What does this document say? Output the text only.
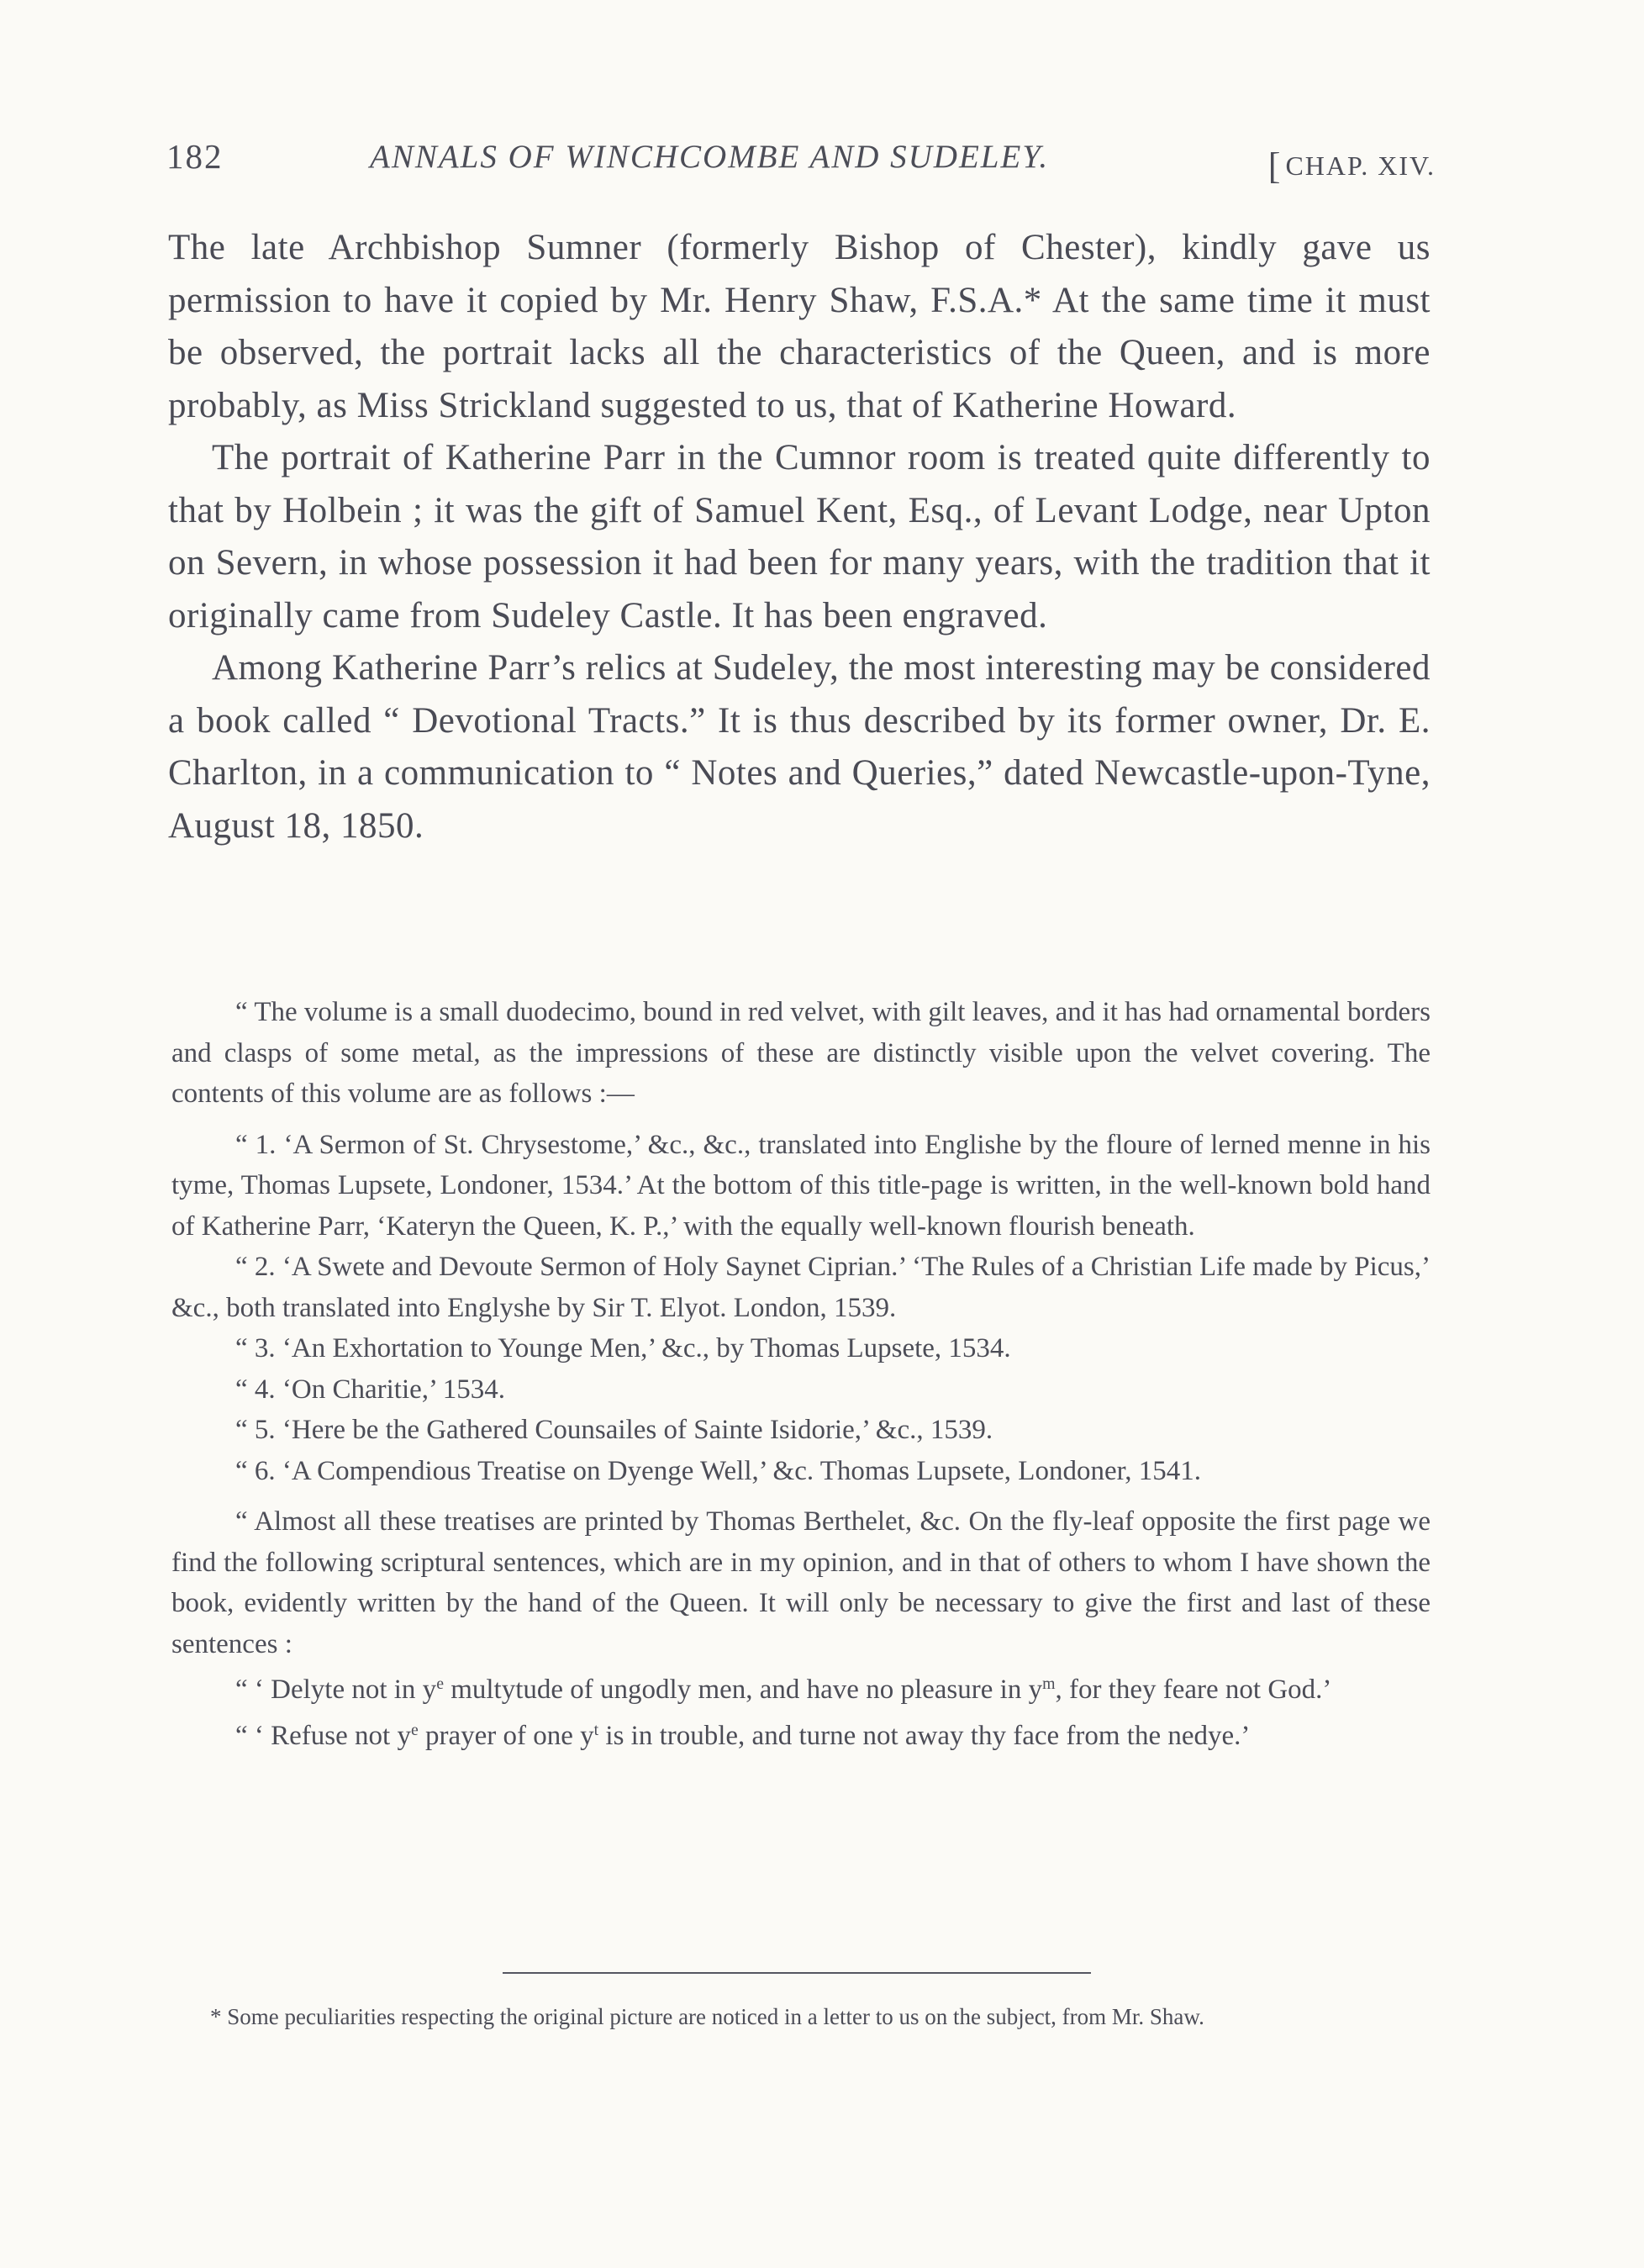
182	ANNALS OF WINCHCOMBE AND SUDELEY.	[ CHAP. XIV.

The late Archbishop Sumner (formerly Bishop of Chester), kindly gave us permission to have it copied by Mr. Henry Shaw, F.S.A.* At the same time it must be observed, the portrait lacks all the characteristics of the Queen, and is more probably, as Miss Strickland suggested to us, that of Katherine Howard.

The portrait of Katherine Parr in the Cumnor room is treated quite differently to that by Holbein ; it was the gift of Samuel Kent, Esq., of Levant Lodge, near Upton on Severn, in whose possession it had been for many years, with the tradition that it originally came from Sudeley Castle. It has been engraved.

Among Katherine Parr’s relics at Sudeley, the most interesting may be considered a book called “ Devotional Tracts.” It is thus described by its former owner, Dr. E. Charlton, in a communication to “ Notes and Queries,” dated Newcastle-upon-Tyne, August 18, 1850.

“ The volume is a small duodecimo, bound in red velvet, with gilt leaves, and it has had ornamental borders and clasps of some metal, as the impressions of these are distinctly visible upon the velvet covering. The contents of this volume are as follows :—

“ 1. ‘A Sermon of St. Chrysestome,’ &c., &c., translated into Englishe by the floure of lerned menne in his tyme, Thomas Lupsete, Londoner, 1534.’ At the bottom of this title-page is written, in the well-known bold hand of Katherine Parr, ‘Kateryn the Queen, K. P.,’ with the equally well-known flourish beneath.

“ 2. ‘A Swete and Devoute Sermon of Holy Saynet Ciprian.’ ‘The Rules of a Christian Life made by Picus,’ &c., both translated into Englyshe by Sir T. Elyot. London, 1539.

“ 3. ‘An Exhortation to Younge Men,’ &c., by Thomas Lupsete, 1534.

“ 4. ‘On Charitie,’ 1534.

“ 5. ‘Here be the Gathered Counsailes of Sainte Isidorie,’ &c., 1539.

“ 6. ‘A Compendious Treatise on Dyenge Well,’ &c. Thomas Lupsete, Londoner, 1541.

“ Almost all these treatises are printed by Thomas Berthelet, &c. On the fly-leaf opposite the first page we find the following scriptural sentences, which are in my opinion, and in that of others to whom I have shown the book, evidently written by the hand of the Queen. It will only be necessary to give the first and last of these sentences :

“ ‘ Delyte not in $y^e$ multytude of ungodly men, and have no pleasure in $y^m$, for they feare not God.’

“ ‘ Refuse not $y^e$ prayer of one $y^t$ is in trouble, and turne not away thy face from the nedye.’

* Some peculiarities respecting the original picture are noticed in a letter to us on the subject, from Mr. Shaw.
